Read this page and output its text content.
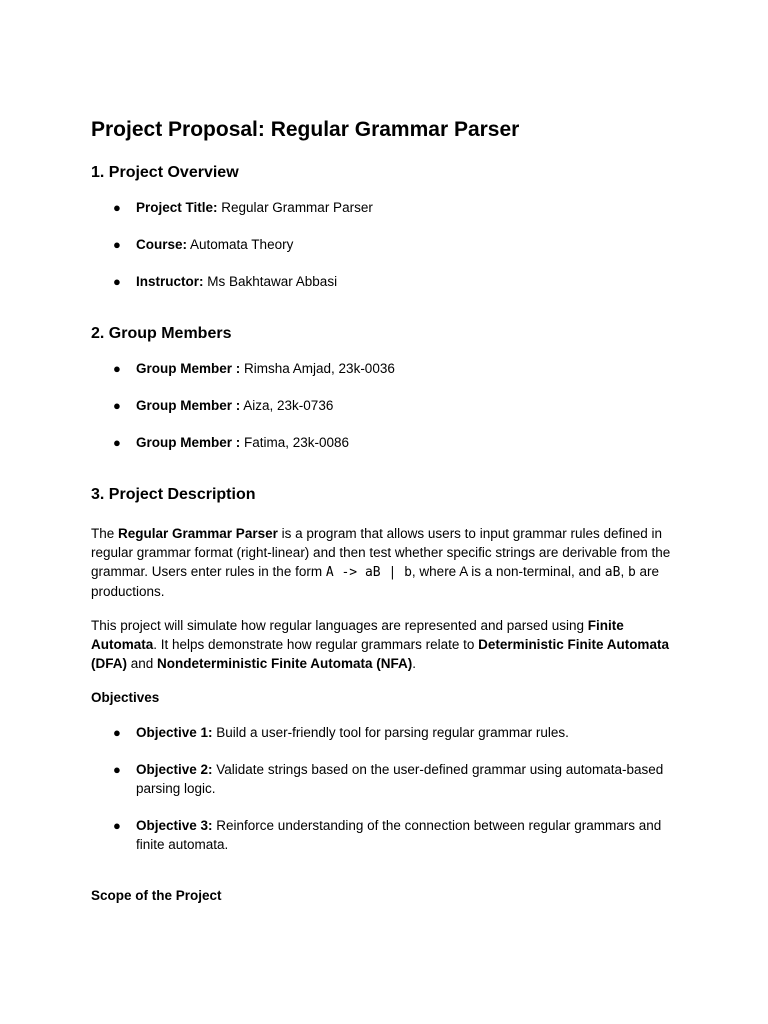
Project Proposal: Regular Grammar Parser
1. Project Overview
● Project Title: Regular Grammar Parser
● Course: Automata Theory
● Instructor: Ms Bakhtawar Abbasi
2. Group Members
● Group Member : Rimsha Amjad, 23k-0036
● Group Member : Aiza, 23k-0736
● Group Member : Fatima, 23k-0086
3. Project Description

The Regular Grammar Parser is a program that allows users to input grammar rules defined in regular grammar format (right-linear) and then test whether specific strings are derivable from the grammar. Users enter rules in the form A -> aB | b, where A is a non-terminal, and aB, b are productions.

This project will simulate how regular languages are represented and parsed using Finite Automata. It helps demonstrate how regular grammars relate to Deterministic Finite Automata (DFA) and Nondeterministic Finite Automata (NFA).

Objectives

● Objective 1: Build a user-friendly tool for parsing regular grammar rules.
● Objective 2: Validate strings based on the user-defined grammar using automata-based parsing logic.
● Objective 3: Reinforce understanding of the connection between regular grammars and finite automata.

Scope of the Project
